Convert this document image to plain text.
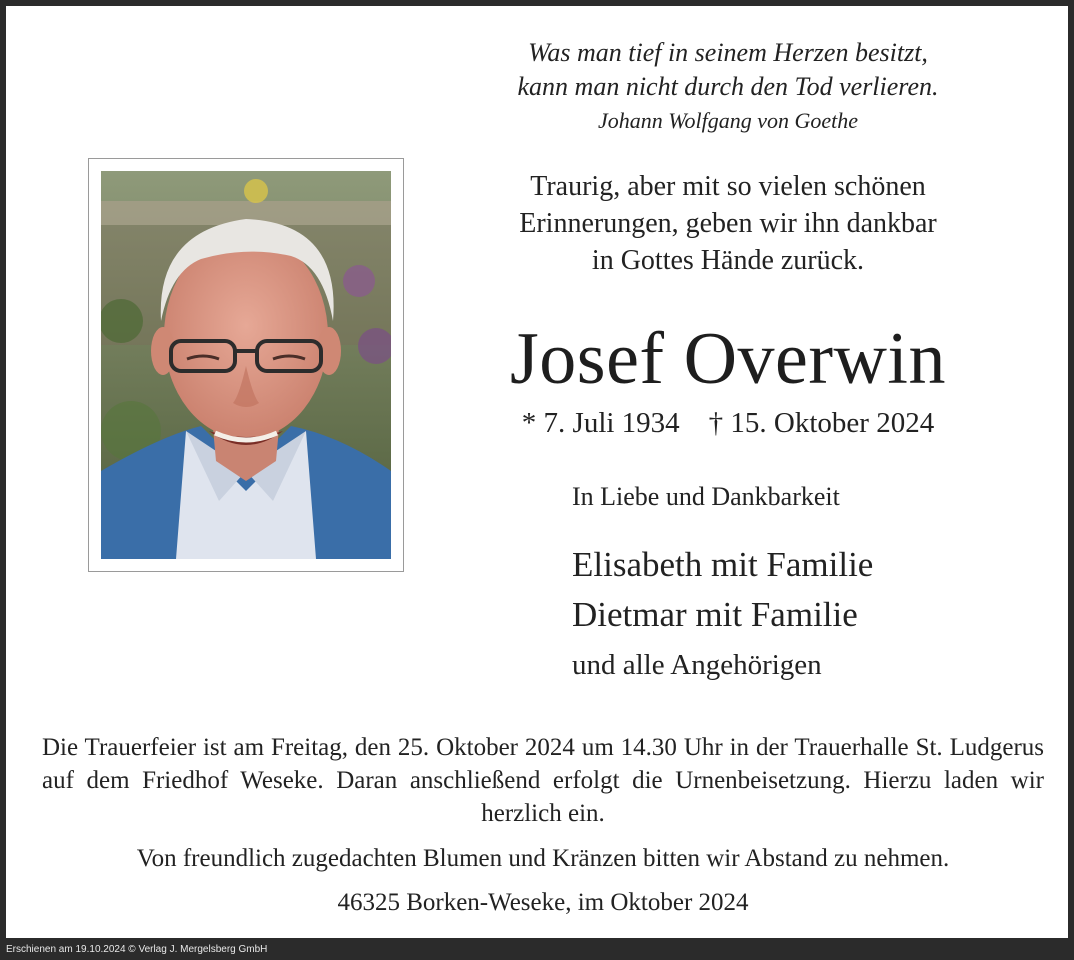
Was man tief in seinem Herzen besitzt,
kann man nicht durch den Tod verlieren.
Johann Wolfgang von Goethe
Traurig, aber mit so vielen schönen
Erinnerungen, geben wir ihn dankbar
in Gottes Hände zurück.
Josef Overwin
* 7. Juli 1934    † 15. Oktober 2024
In Liebe und Dankbarkeit
Elisabeth mit Familie
Dietmar mit Familie
und alle Angehörigen
Die Trauerfeier ist am Freitag, den 25. Oktober 2024 um 14.30 Uhr in der Trauerhalle St. Ludgerus auf dem Friedhof Weseke. Daran anschließend erfolgt die Urnenbeisetzung. Hierzu laden wir herzlich ein.
Von freundlich zugedachten Blumen und Kränzen bitten wir Abstand zu nehmen.
46325 Borken-Weseke, im Oktober 2024
Erschienen am 19.10.2024 © Verlag J. Mergelsberg GmbH
